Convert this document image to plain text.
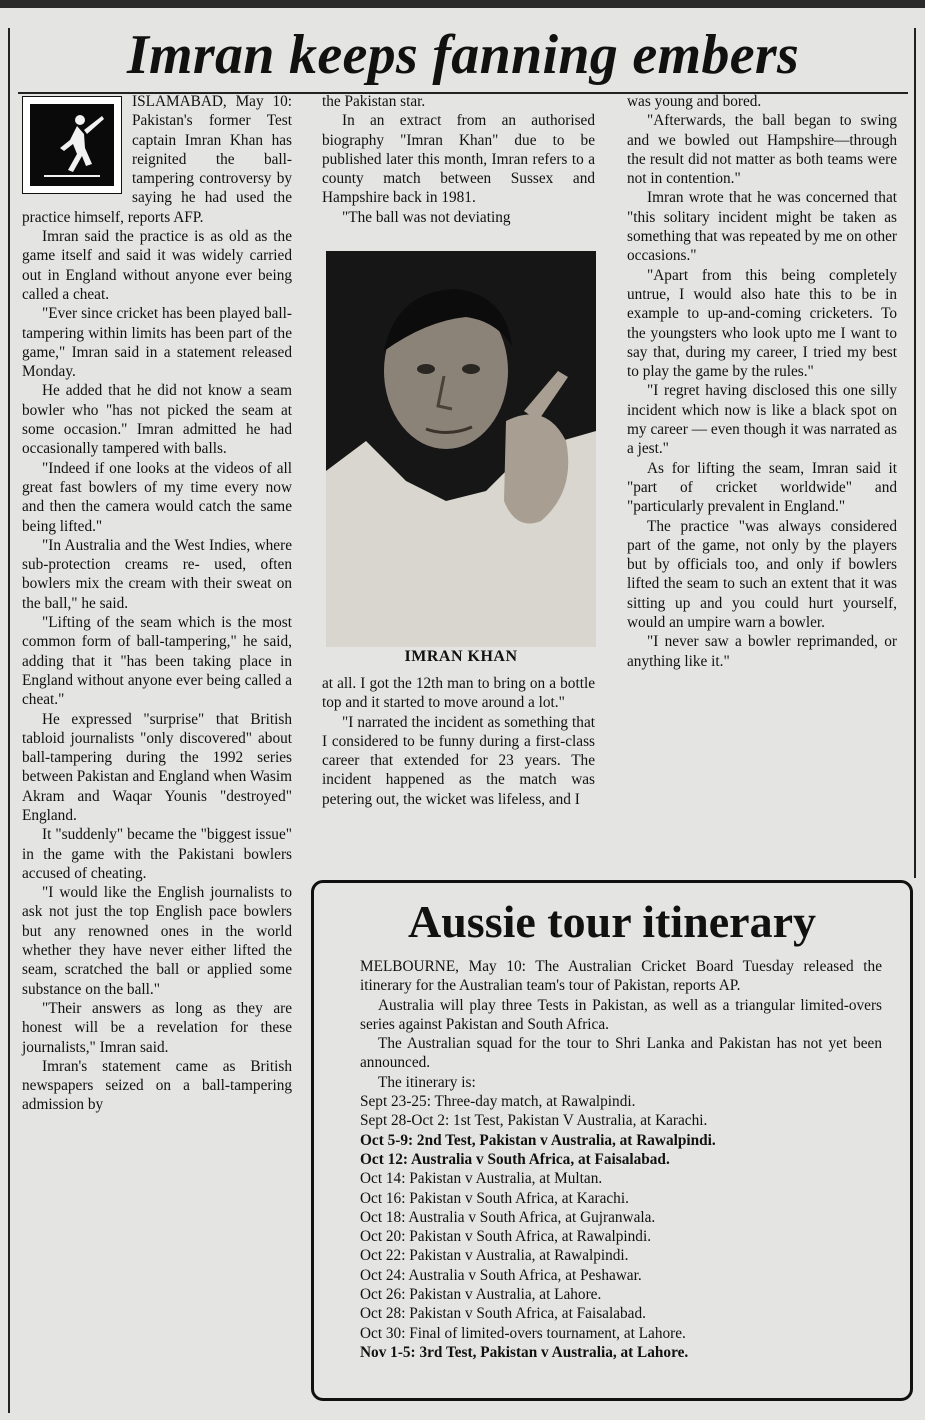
Imran keeps fanning embers

ISLAMABAD, May 10: Pakistan's former Test captain Imran Khan has reignited the ball-tampering controversy by saying he had used the practice himself, reports AFP.

Imran said the practice is as old as the game itself and said it was widely carried out in England without anyone ever being called a cheat.

"Ever since cricket has been played ball-tampering within limits has been part of the game," Imran said in a statement released Monday.

He added that he did not know a seam bowler who "has not picked the seam at some occasion." Imran admitted he had occasionally tampered with balls.

"Indeed if one looks at the videos of all great fast bowlers of my time every now and then the camera would catch the same being lifted."

"In Australia and the West Indies, where sub-protection creams re- used, often bowlers mix the cream with their sweat on the ball," he said.

"Lifting of the seam which is the most common form of ball-tampering," he said, adding that it "has been taking place in England without anyone ever being called a cheat."

He expressed "surprise" that British tabloid journalists "only discovered" about ball-tampering during the 1992 series between Pakistan and England when Wasim Akram and Waqar Younis "destroyed" England.

It "suddenly" became the "biggest issue" in the game with the Pakistani bowlers accused of cheating.

"I would like the English journalists to ask not just the top English pace bowlers but any renowned ones in the world whether they have never either lifted the seam, scratched the ball or applied some substance on the ball."

"Their answers as long as they are honest will be a revelation for these journalists," Imran said.

Imran's statement came as British newspapers seized on a ball-tampering admission by

the Pakistan star.

In an extract from an authorised biography "Imran Khan" due to be published later this month, Imran refers to a county match between Sussex and Hampshire back in 1981.

"The ball was not deviating

IMRAN KHAN

at all. I got the 12th man to bring on a bottle top and it started to move around a lot."

"I narrated the incident as something that I considered to be funny during a first-class career that extended for 23 years. The incident happened as the match was petering out, the wicket was lifeless, and I

was young and bored.

"Afterwards, the ball began to swing and we bowled out Hampshire—through the result did not matter as both teams were not in contention."

Imran wrote that he was concerned that "this solitary incident might be taken as something that was repeated by me on other occasions."

"Apart from this being completely untrue, I would also hate this to be in example to up-and-coming cricketers. To the youngsters who look upto me I want to say that, during my career, I tried my best to play the game by the rules."

"I regret having disclosed this one silly incident which now is like a black spot on my career — even though it was narrated as a jest."

As for lifting the seam, Imran said it "part of cricket worldwide" and "particularly prevalent in England."

The practice "was always considered part of the game, not only by the players but by officials too, and only if bowlers lifted the seam to such an extent that it was sitting up and you could hurt yourself, would an umpire warn a bowler.

"I never saw a bowler reprimanded, or anything like it."

Aussie tour itinerary

MELBOURNE, May 10: The Australian Cricket Board Tuesday released the itinerary for the Australian team's tour of Pakistan, reports AP.

Australia will play three Tests in Pakistan, as well as a triangular limited-overs series against Pakistan and South Africa.

The Australian squad for the tour to Shri Lanka and Pakistan has not yet been announced.

The itinerary is:

Sept 23-25: Three-day match, at Rawalpindi.
Sept 28-Oct 2: 1st Test, Pakistan V Australia, at Karachi.
Oct 5-9: 2nd Test, Pakistan v Australia, at Rawalpindi.
Oct 12: Australia v South Africa, at Faisalabad.
Oct 14: Pakistan v Australia, at Multan.
Oct 16: Pakistan v South Africa, at Karachi.
Oct 18: Australia v South Africa, at Gujranwala.
Oct 20: Pakistan v South Africa, at Rawalpindi.
Oct 22: Pakistan v Australia, at Rawalpindi.
Oct 24: Australia v South Africa, at Peshawar.
Oct 26: Pakistan v Australia, at Lahore.
Oct 28: Pakistan v South Africa, at Faisalabad.
Oct 30: Final of limited-overs tournament, at Lahore.
Nov 1-5: 3rd Test, Pakistan v Australia, at Lahore.
